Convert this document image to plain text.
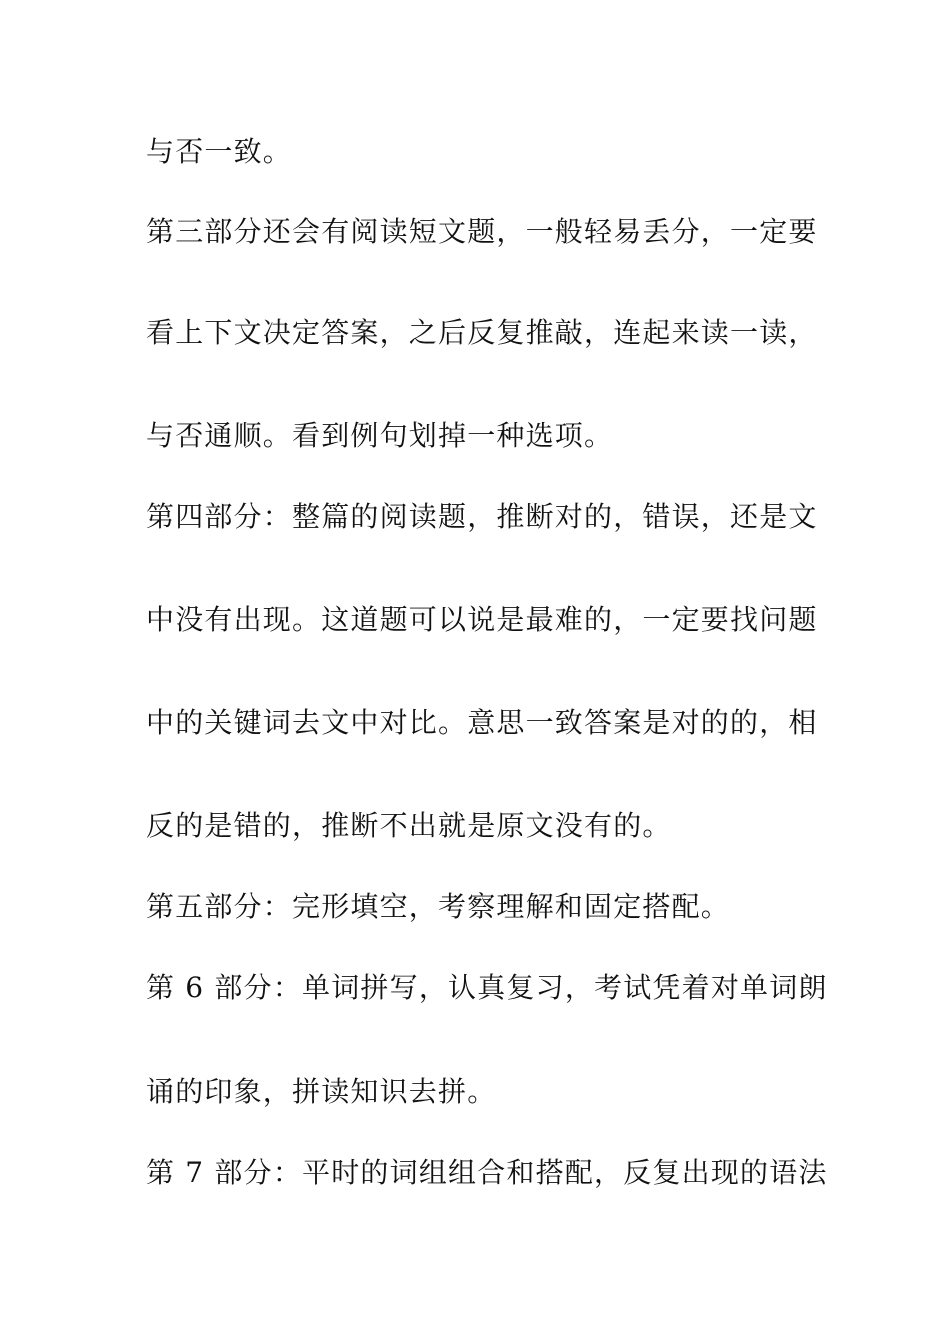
与否一致。

第三部分还会有阅读短文题，一般轻易丢分，一定要

看上下文决定答案，之后反复推敲，连起来读一读，

与否通顺。看到例句划掉一种选项。

第四部分：整篇的阅读题，推断对的，错误，还是文

中没有出现。这道题可以说是最难的，一定要找问题

中的关键词去文中对比。意思一致答案是对的的，相

反的是错的，推断不出就是原文没有的。

第五部分：完形填空，考察理解和固定搭配。

第 6 部分：单词拼写，认真复习，考试凭着对单词朗

诵的印象，拼读知识去拼。

第 7 部分：平时的词组组合和搭配，反复出现的语法
